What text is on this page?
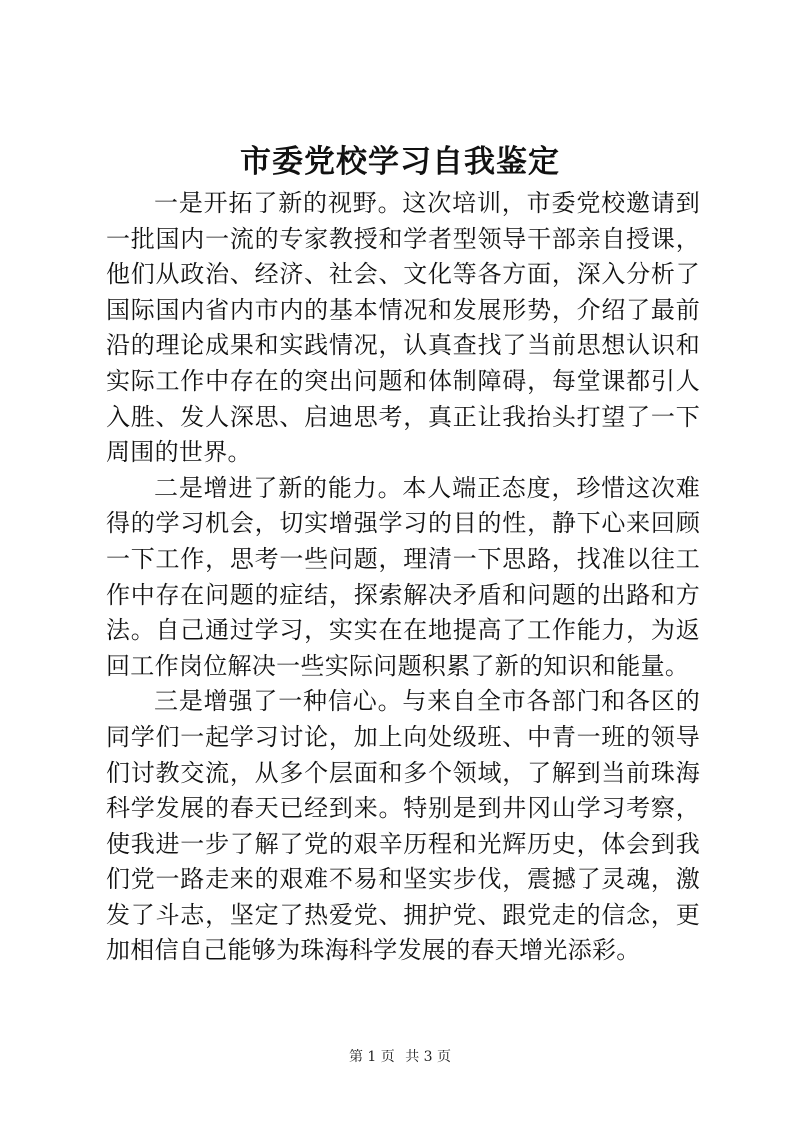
市委党校学习自我鉴定

一是开拓了新的视野。这次培训，市委党校邀请到一批国内一流的专家教授和学者型领导干部亲自授课，他们从政治、经济、社会、文化等各方面，深入分析了国际国内省内市内的基本情况和发展形势，介绍了最前沿的理论成果和实践情况，认真查找了当前思想认识和实际工作中存在的突出问题和体制障碍，每堂课都引人入胜、发人深思、启迪思考，真正让我抬头打望了一下周围的世界。

二是增进了新的能力。本人端正态度，珍惜这次难得的学习机会，切实增强学习的目的性，静下心来回顾一下工作，思考一些问题，理清一下思路，找准以往工作中存在问题的症结，探索解决矛盾和问题的出路和方法。自己通过学习，实实在在地提高了工作能力，为返回工作岗位解决一些实际问题积累了新的知识和能量。

三是增强了一种信心。与来自全市各部门和各区的同学们一起学习讨论，加上向处级班、中青一班的领导们讨教交流，从多个层面和多个领域，了解到当前珠海科学发展的春天已经到来。特别是到井冈山学习考察，使我进一步了解了党的艰辛历程和光辉历史，体会到我们党一路走来的艰难不易和坚实步伐，震撼了灵魂，激发了斗志，坚定了热爱党、拥护党、跟党走的信念，更加相信自己能够为珠海科学发展的春天增光添彩。

第 1 页 共 3 页
